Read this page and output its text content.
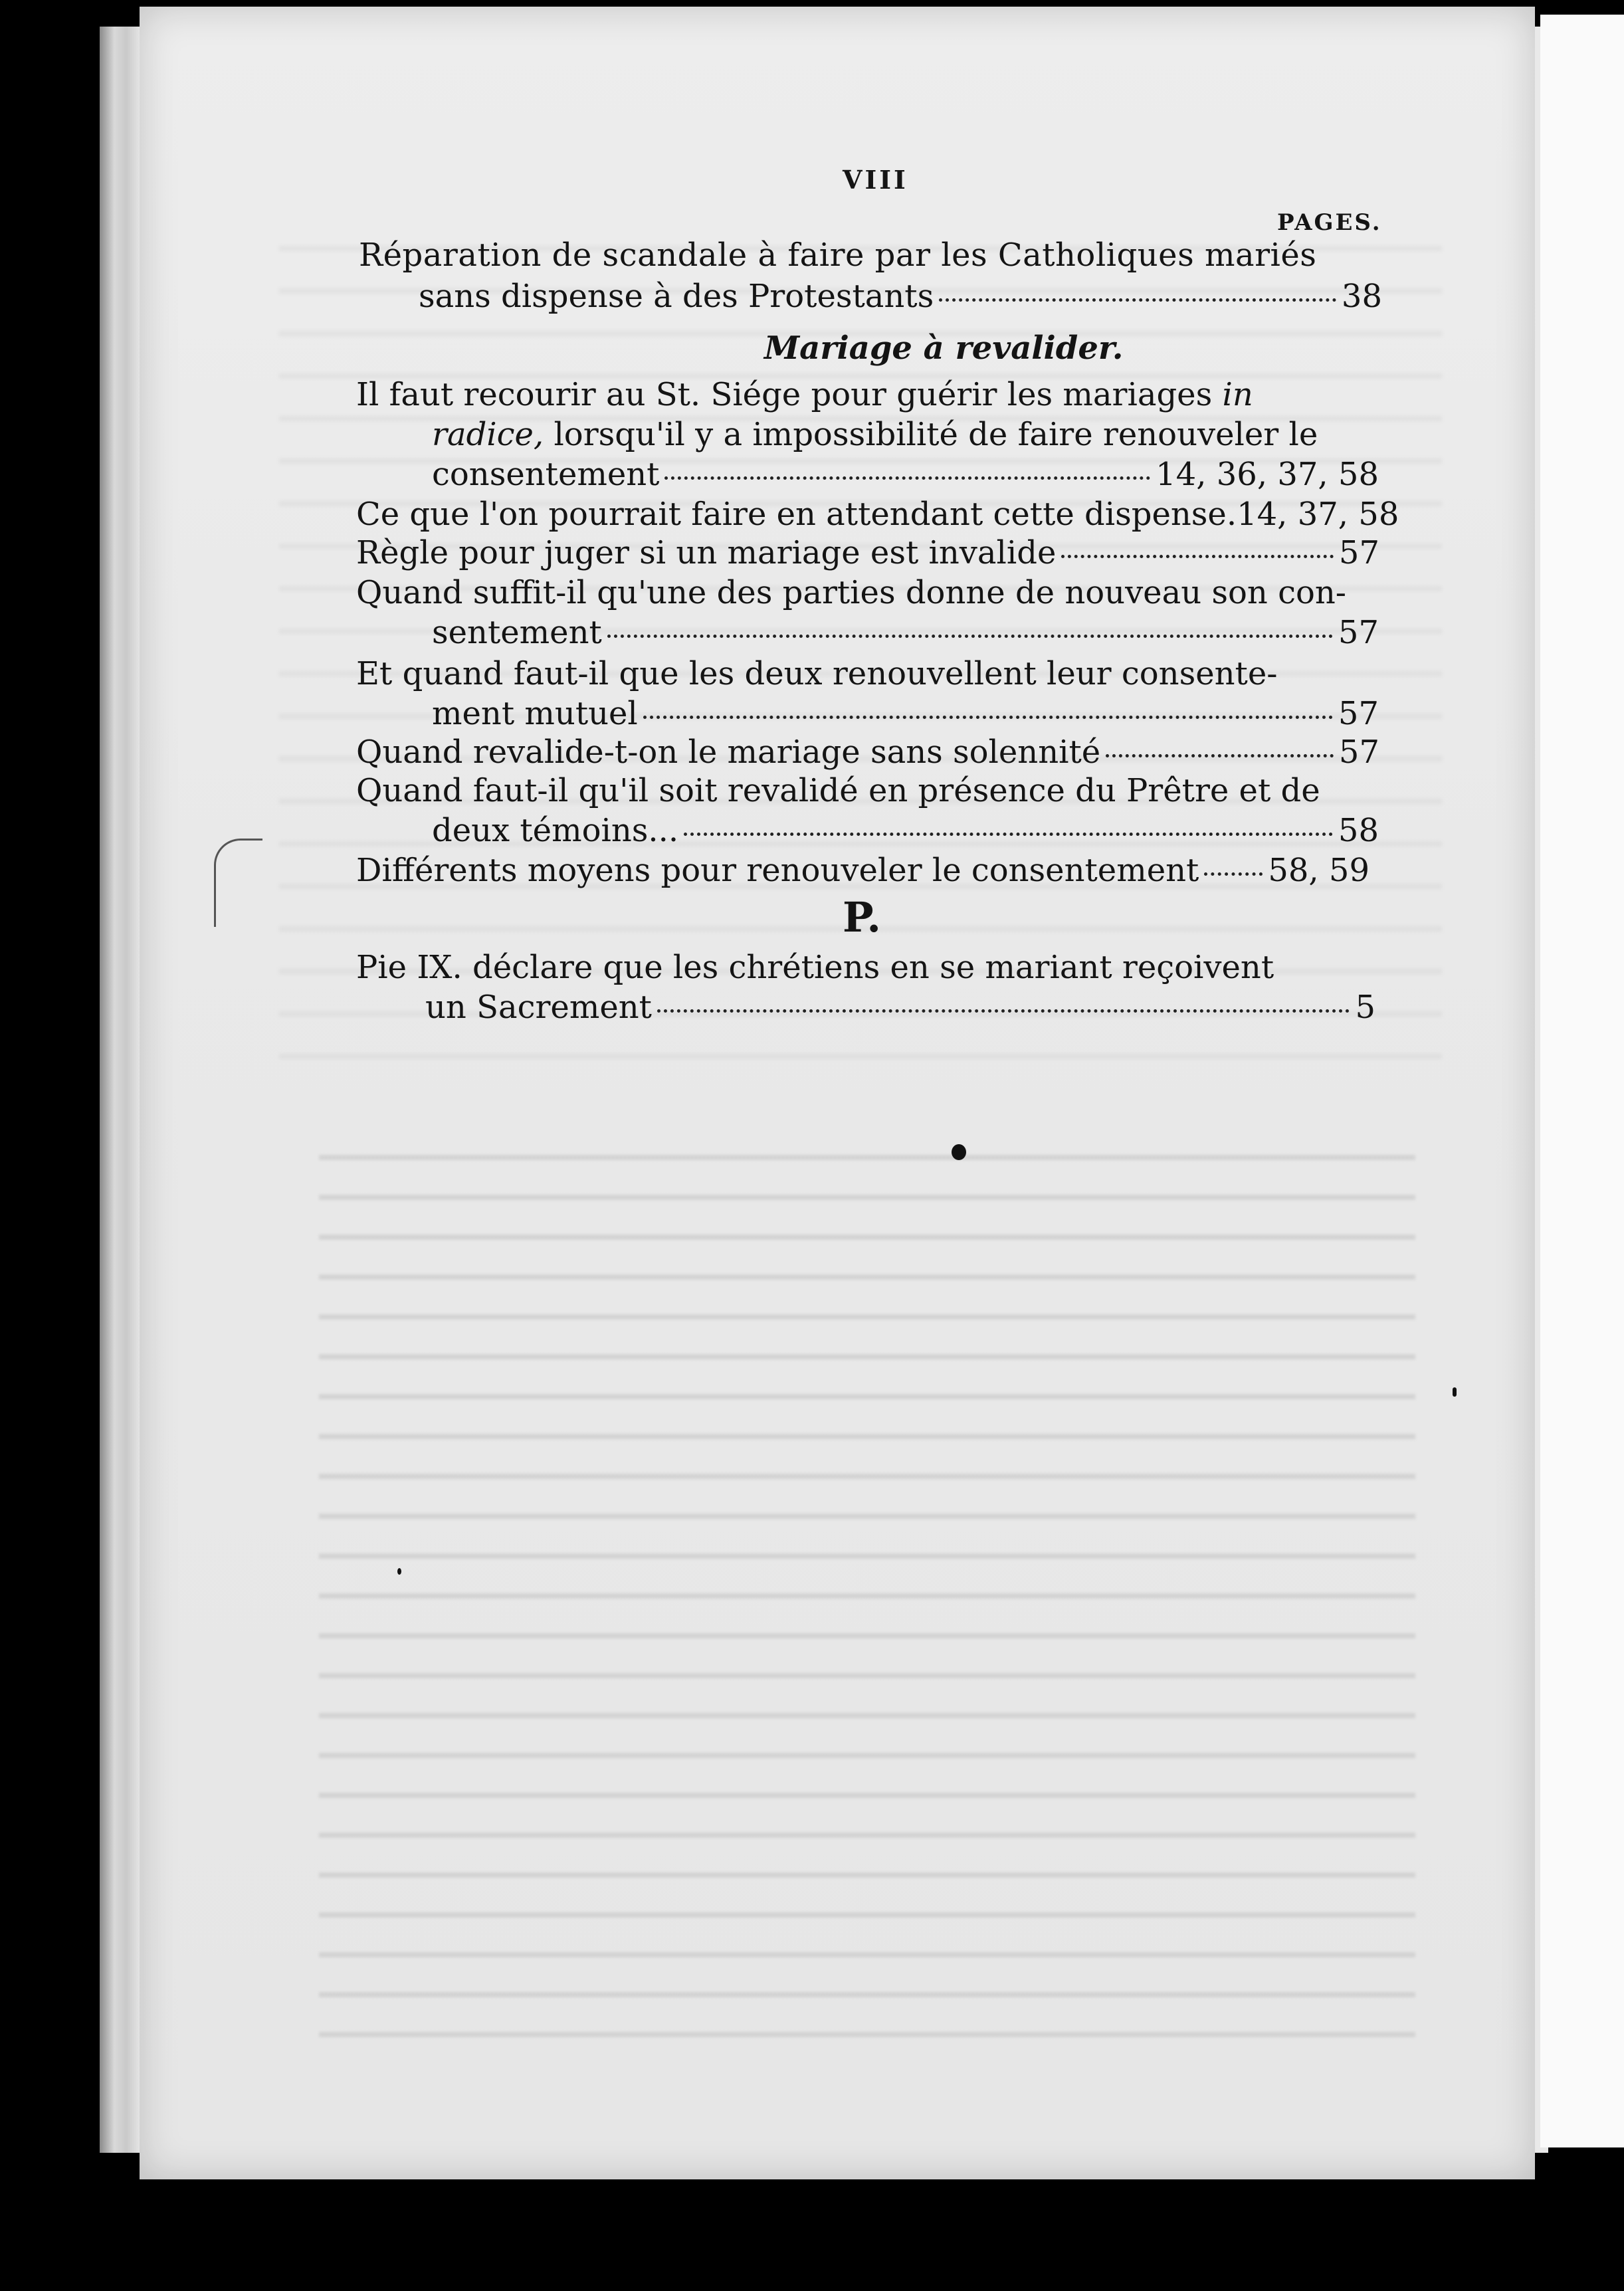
VIII
PAGES.
Réparation de scandale à faire par les Catholiques mariés
sans dispense à des Protestants	38
Mariage à revalider.
Il faut recourir au St. Siége pour guérir les mariages in
radice, lorsqu'il y a impossibilité de faire renouveler le
consentement	14, 36, 37, 58
Ce que l'on pourrait faire en attendant cette dispense. 14, 37, 58
Règle pour juger si un mariage est invalide	57
Quand suffit-il qu'une des parties donne de nouveau son con-
sentement	57
Et quand faut-il que les deux renouvellent leur consente-
ment mutuel	57
Quand revalide-t-on le mariage sans solennité	57
Quand faut-il qu'il soit revalidé en présence du Prêtre et de
deux témoins...	58
Différents moyens pour renouveler le consentement 58, 59
P.
Pie IX. déclare que les chrétiens en se mariant reçoivent
un Sacrement	5
